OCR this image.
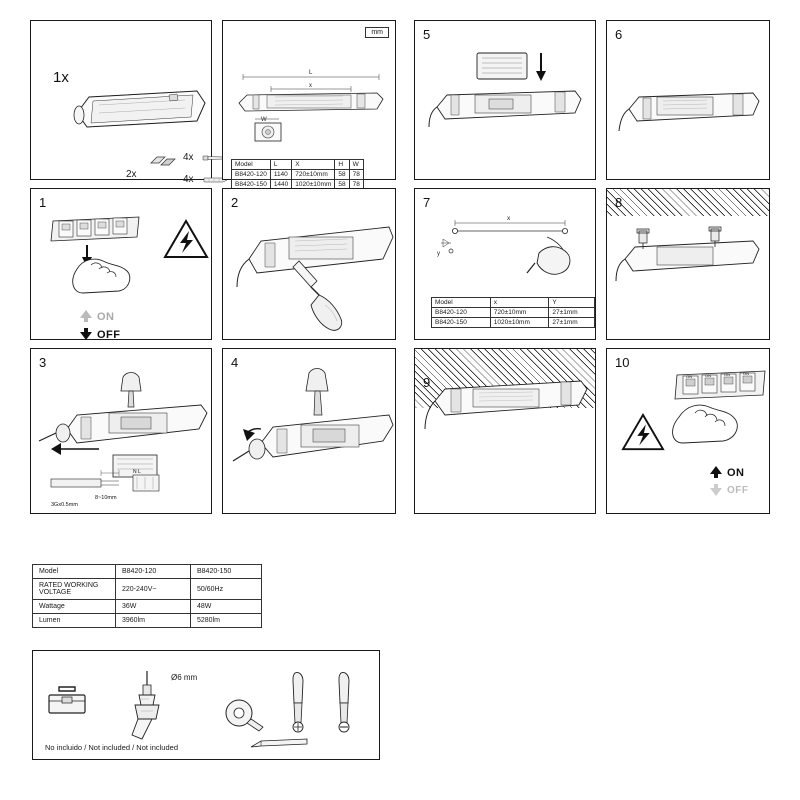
1x
2x
4x
4x
mm
L
x
W
Model	L	X	H	W
B8420-120	1140	720±10mm	58	78
B8420-150	1440	1020±10mm	58	78
5	6
1
ON
OFF
2	7
x
y
Model	x	Y
B8420-120	720±10mm	27±1mm
B8420-150	1020±10mm	27±1mm
8
3
8~10mm
3Gx0.5mm
N L
4
9
10
ON	ON	ON	ON
ON
OFF
Model	B8420-120	B8420-150
RATED WORKING VOLTAGE	220-240V~	50/60Hz
Wattage	36W	48W
Lumen	3960lm	5280lm
Ø6 mm
No incluido / Not included / Not included
